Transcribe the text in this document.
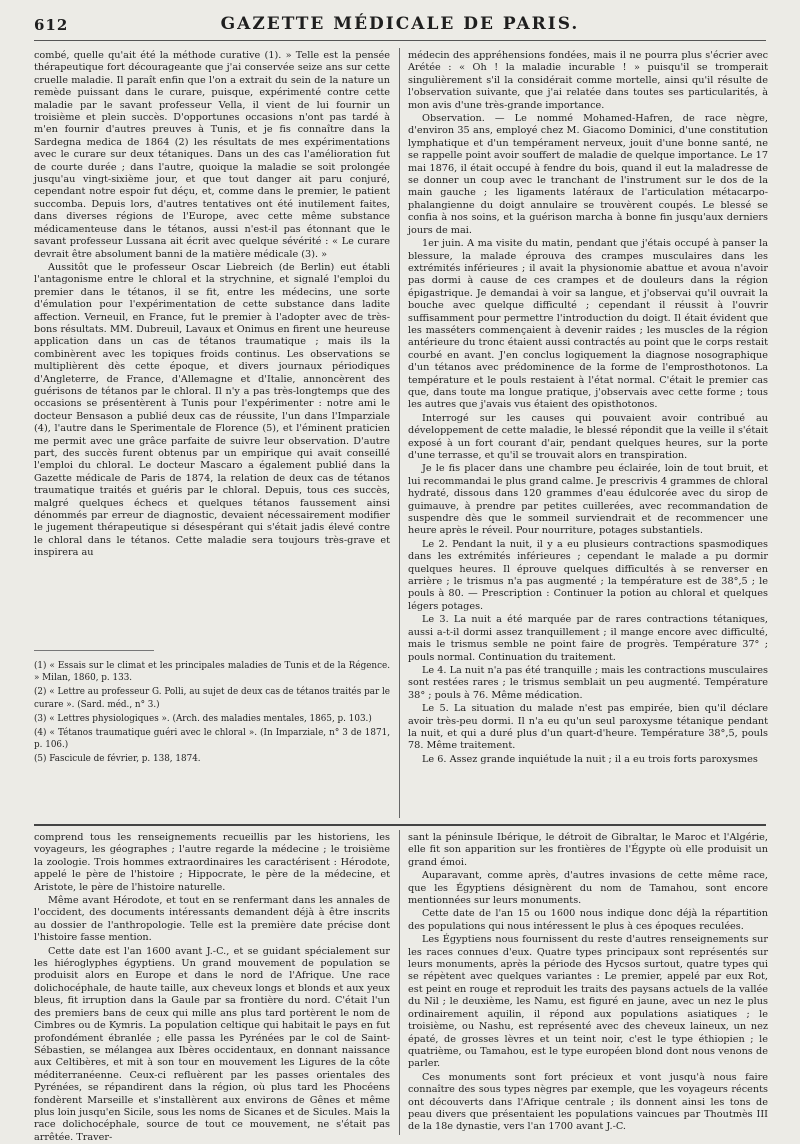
612	GAZETTE MÉDICALE DE PARIS.

combé, quelle qu'ait été la méthode curative (1). » Telle est la pensée thérapeutique fort décourageante que j'ai conservée seize ans sur cette cruelle maladie. Il paraît enfin que l'on a extrait du sein de la nature un remède puissant dans le curare, puisque, expérimenté contre cette maladie par le savant professeur Vella, il vient de lui fournir un troisième et plein succès. D'opportunes occasions n'ont pas tardé à m'en fournir d'autres preuves à Tunis, et je fis connaître dans la Sardegna medica de 1864 (2) les résultats de mes expérimentations avec le curare sur deux tétaniques. Dans un des cas l'amélioration fut de courte durée ; dans l'autre, quoique la maladie se soit prolongée jusqu'au vingt-sixième jour, et que tout danger ait paru conjuré, cependant notre espoir fut déçu, et, comme dans le premier, le patient succomba. Depuis lors, d'autres tentatives ont été inutilement faites, dans diverses régions de l'Europe, avec cette même substance médicamenteuse dans le tétanos, aussi n'est-il pas étonnant que le savant professeur Lussana ait écrit avec quelque sévérité : « Le curare devrait être absolument banni de la matière médicale (3). »

Aussitôt que le professeur Oscar Liebreich (de Berlin) eut établi l'antagonisme entre le chloral et la strychnine, et signalé l'emploi du premier dans le tétanos, il se fit, entre les médecins, une sorte d'émulation pour l'expérimentation de cette substance dans ladite affection. Verneuil, en France, fut le premier à l'adopter avec de très-bons résultats. MM. Dubreuil, Lavaux et Onimus en firent une heureuse application dans un cas de tétanos traumatique ; mais ils la combinèrent avec les topiques froids continus. Les observations se multiplièrent dès cette époque, et divers journaux périodiques d'Angleterre, de France, d'Allemagne et d'Italie, annoncèrent des guérisons de tétanos par le chloral. Il n'y a pas très-longtemps que des occasions se présentèrent à Tunis pour l'expérimenter : notre ami le docteur Bensason a publié deux cas de réussite, l'un dans l'Imparziale (4), l'autre dans le Sperimentale de Florence (5), et l'éminent praticien me permit avec une grâce parfaite de suivre leur observation. D'autre part, des succès furent obtenus par un empirique qui avait conseillé l'emploi du chloral. Le docteur Mascaro a également publié dans la Gazette médicale de Paris de 1874, la relation de deux cas de tétanos traumatique traités et guéris par le chloral. Depuis, tous ces succès, malgré quelques échecs et quelques tétanos faussement ainsi dénommés par erreur de diagnostic, devaient nécessairement modifier le jugement thérapeutique si désespérant qui s'était jadis élevé contre le chloral dans le tétanos. Cette maladie sera toujours très-grave et inspirera au

(1) « Essais sur le climat et les principales maladies de Tunis et de la Régence. » Milan, 1860, p. 133.
(2) « Lettre au professeur G. Polli, au sujet de deux cas de tétanos traités par le curare ». (Sard. méd., n° 3.)
(3) « Lettres physiologiques ». (Arch. des maladies mentales, 1865, p. 103.)
(4) « Tétanos traumatique guéri avec le chloral ». (In Imparziale, n° 3 de 1871, p. 106.)
(5) Fascicule de février, p. 138, 1874.

médecin des appréhensions fondées, mais il ne pourra plus s'écrier avec Arétée : « Oh ! la maladie incurable ! » puisqu'il se tromperait singulièrement s'il la considérait comme mortelle, ainsi qu'il résulte de l'observation suivante, que j'ai relatée dans toutes ses particularités, à mon avis d'une très-grande importance.

Observation. — Le nommé Mohamed-Hafren, de race nègre, d'environ 35 ans, employé chez M. Giacomo Dominici, d'une constitution lymphatique et d'un tempérament nerveux, jouit d'une bonne santé, ne se rappelle point avoir souffert de maladie de quelque importance. Le 17 mai 1876, il était occupé à fendre du bois, quand il eut la maladresse de se donner un coup avec le tranchant de l'instrument sur le dos de la main gauche ; les ligaments latéraux de l'articulation métacarpo-phalangienne du doigt annulaire se trouvèrent coupés. Le blessé se confia à nos soins, et la guérison marcha à bonne fin jusqu'aux derniers jours de mai.

1er juin. A ma visite du matin, pendant que j'étais occupé à panser la blessure, la malade éprouva des crampes musculaires dans les extrémités inférieures ; il avait la physionomie abattue et avoua n'avoir pas dormi à cause de ces crampes et de douleurs dans la région épigastrique. Je demandai à voir sa langue, et j'observai qu'il ouvrait la bouche avec quelque difficulté ; cependant il réussit à l'ouvrir suffisamment pour permettre l'introduction du doigt. Il était évident que les masséters commençaient à devenir raides ; les muscles de la région antérieure du tronc étaient aussi contractés au point que le corps restait courbé en avant. J'en conclus logiquement la diagnose nosographique d'un tétanos avec prédominence de la forme de l'emprosthotonos. La température et le pouls restaient à l'état normal. C'était le premier cas que, dans toute ma longue pratique, j'observais avec cette forme ; tous les autres que j'avais vus étaient des opisthotonos.

Interrogé sur les causes qui pouvaient avoir contribué au développement de cette maladie, le blessé répondit que la veille il s'était exposé à un fort courant d'air, pendant quelques heures, sur la porte d'une terrasse, et qu'il se trouvait alors en transpiration.

Je le fis placer dans une chambre peu éclairée, loin de tout bruit, et lui recommandai le plus grand calme. Je prescrivis 4 grammes de chloral hydraté, dissous dans 120 grammes d'eau édulcorée avec du sirop de guimauve, à prendre par petites cuillerées, avec recommandation de suspendre dès que le sommeil surviendrait et de recommencer une heure après le réveil. Pour nourriture, potages substantiels.

Le 2. Pendant la nuit, il y a eu plusieurs contractions spasmodiques dans les extrémités inférieures ; cependant le malade a pu dormir quelques heures. Il éprouve quelques difficultés à se renverser en arrière ; le trismus n'a pas augmenté ; la température est de 38°,5 ; le pouls à 80. — Prescription : Continuer la potion au chloral et quelques légers potages.

Le 3. La nuit a été marquée par de rares contractions tétaniques, aussi a-t-il dormi assez tranquillement ; il mange encore avec difficulté, mais le trismus semble ne point faire de progrès. Température 37° ; pouls normal. Continuation du traitement.

Le 4. La nuit n'a pas été tranquille ; mais les contractions musculaires sont restées rares ; le trismus semblait un peu augmenté. Température 38° ; pouls à 76. Même médication.

Le 5. La situation du malade n'est pas empirée, bien qu'il déclare avoir très-peu dormi. Il n'a eu qu'un seul paroxysme tétanique pendant la nuit, et qui a duré plus d'un quart-d'heure. Température 38°,5, pouls 78. Même traitement.

Le 6. Assez grande inquiétude la nuit ; il a eu trois forts paroxysmes

comprend tous les renseignements recueillis par les historiens, les voyageurs, les géographes ; l'autre regarde la médecine ; le troisième la zoologie. Trois hommes extraordinaires les caractérisent : Hérodote, appelé le père de l'histoire ; Hippocrate, le père de la médecine, et Aristote, le père de l'histoire naturelle.

Même avant Hérodote, et tout en se renfermant dans les annales de l'occident, des documents intéressants demandent déjà à être inscrits au dossier de l'anthropologie. Telle est la première date précise dont l'histoire fasse mention.

Cette date est l'an 1600 avant J.-C., et se guidant spécialement sur les hiéroglyphes égyptiens. Un grand mouvement de population se produisit alors en Europe et dans le nord de l'Afrique. Une race dolichocéphale, de haute taille, aux cheveux longs et blonds et aux yeux bleus, fit irruption dans la Gaule par sa frontière du nord. C'était l'un des premiers bans de ceux qui mille ans plus tard portèrent le nom de Cimbres ou de Kymris. La population celtique qui habitait le pays en fut profondément ébranlée ; elle passa les Pyrénées par le col de Saint-Sébastien, se mélangea aux Ibères occidentaux, en donnant naissance aux Celtibères, et mit à son tour en mouvement les Ligures de la côte méditerranéenne. Ceux-ci refluèrent par les passes orientales des Pyrénées, se répandirent dans la région, où plus tard les Phocéens fondèrent Marseille et s'installèrent aux environs de Gênes et même plus loin jusqu'en Sicile, sous les noms de Sicanes et de Sicules. Mais la race dolichocéphale, source de tout ce mouvement, ne s'était pas arrêtée. Traver-

sant la péninsule Ibérique, le détroit de Gibraltar, le Maroc et l'Algérie, elle fit son apparition sur les frontières de l'Égypte où elle produisit un grand émoi.

Auparavant, comme après, d'autres invasions de cette même race, que les Égyptiens désignèrent du nom de Tamahou, sont encore mentionnées sur leurs monuments.

Cette date de l'an 15 ou 1600 nous indique donc déjà la répartition des populations qui nous intéressent le plus à ces époques reculées.

Les Égyptiens nous fournissent du reste d'autres renseignements sur les races connues d'eux. Quatre types principaux sont représentés sur leurs monuments, après la période des Hycsos surtout, quatre types qui se répètent avec quelques variantes : Le premier, appelé par eux Rot, est peint en rouge et reproduit les traits des paysans actuels de la vallée du Nil ; le deuxième, les Namu, est figuré en jaune, avec un nez le plus ordinairement aquilin, il répond aux populations asiatiques ; le troisième, ou Nashu, est représenté avec des cheveux laineux, un nez épaté, de grosses lèvres et un teint noir, c'est le type éthiopien ; le quatrième, ou Tamahou, est le type européen blond dont nous venons de parler.

Ces monuments sont fort précieux et vont jusqu'à nous faire connaître des sous types nègres par exemple, que les voyageurs récents ont découverts dans l'Afrique centrale ; ils donnent ainsi les tons de peau divers que présentaient les populations vaincues par Thoutmès III de la 18e dynastie, vers l'an 1700 avant J.-C.
